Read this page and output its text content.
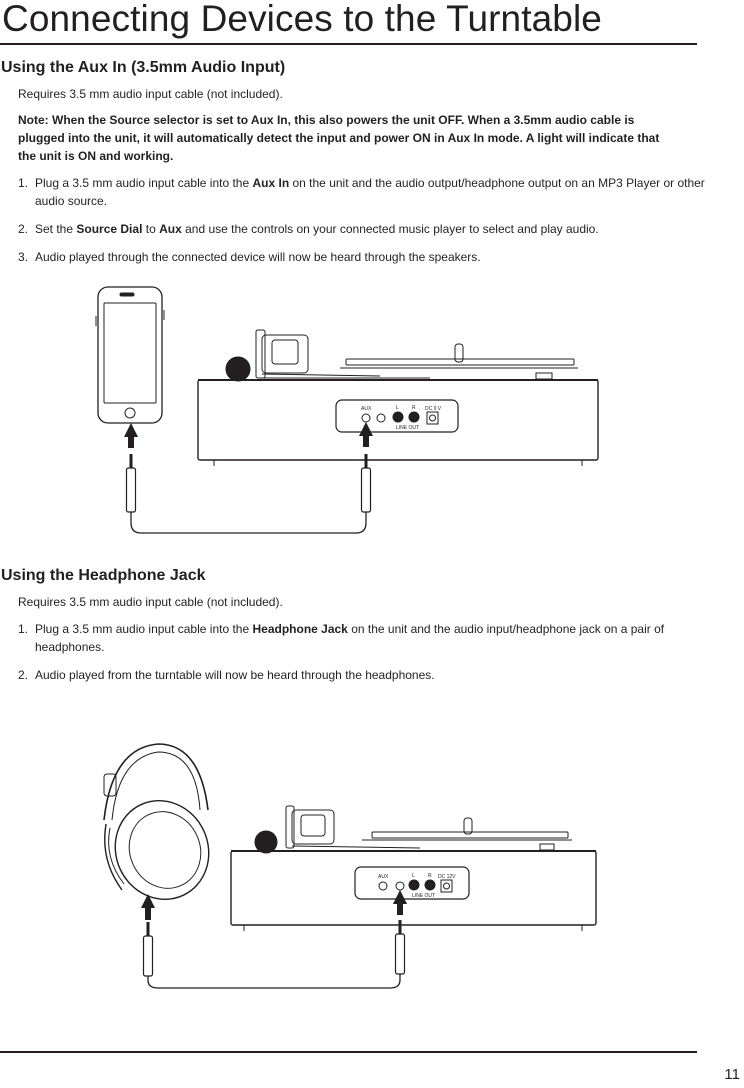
Connecting Devices to the Turntable
Using the Aux In (3.5mm Audio Input)

Requires 3.5 mm audio input cable (not included).

Note: When the Source selector is set to Aux In, this also powers the unit OFF. When a 3.5mm audio cable is plugged into the unit, it will automatically detect the input and power ON in Aux In mode. A light will indicate that the unit is ON and working.

1. Plug a 3.5 mm audio input cable into the Aux In on the unit and the audio output/headphone output on an MP3 Player or other audio source.
2. Set the Source Dial to Aux and use the controls on your connected music player to select and play audio.
3. Audio played through the connected device will now be heard through the speakers.
AUX	L	R
LINE OUT
DC 9 V
Using the Headphone Jack

Requires 3.5 mm audio input cable (not included).

1. Plug a 3.5 mm audio input cable into the Headphone Jack on the unit and the audio input/headphone jack on a pair of headphones.
2. Audio played from the turntable will now be heard through the headphones.
AUX	L	R
LINE OUT
DC 12V
11
